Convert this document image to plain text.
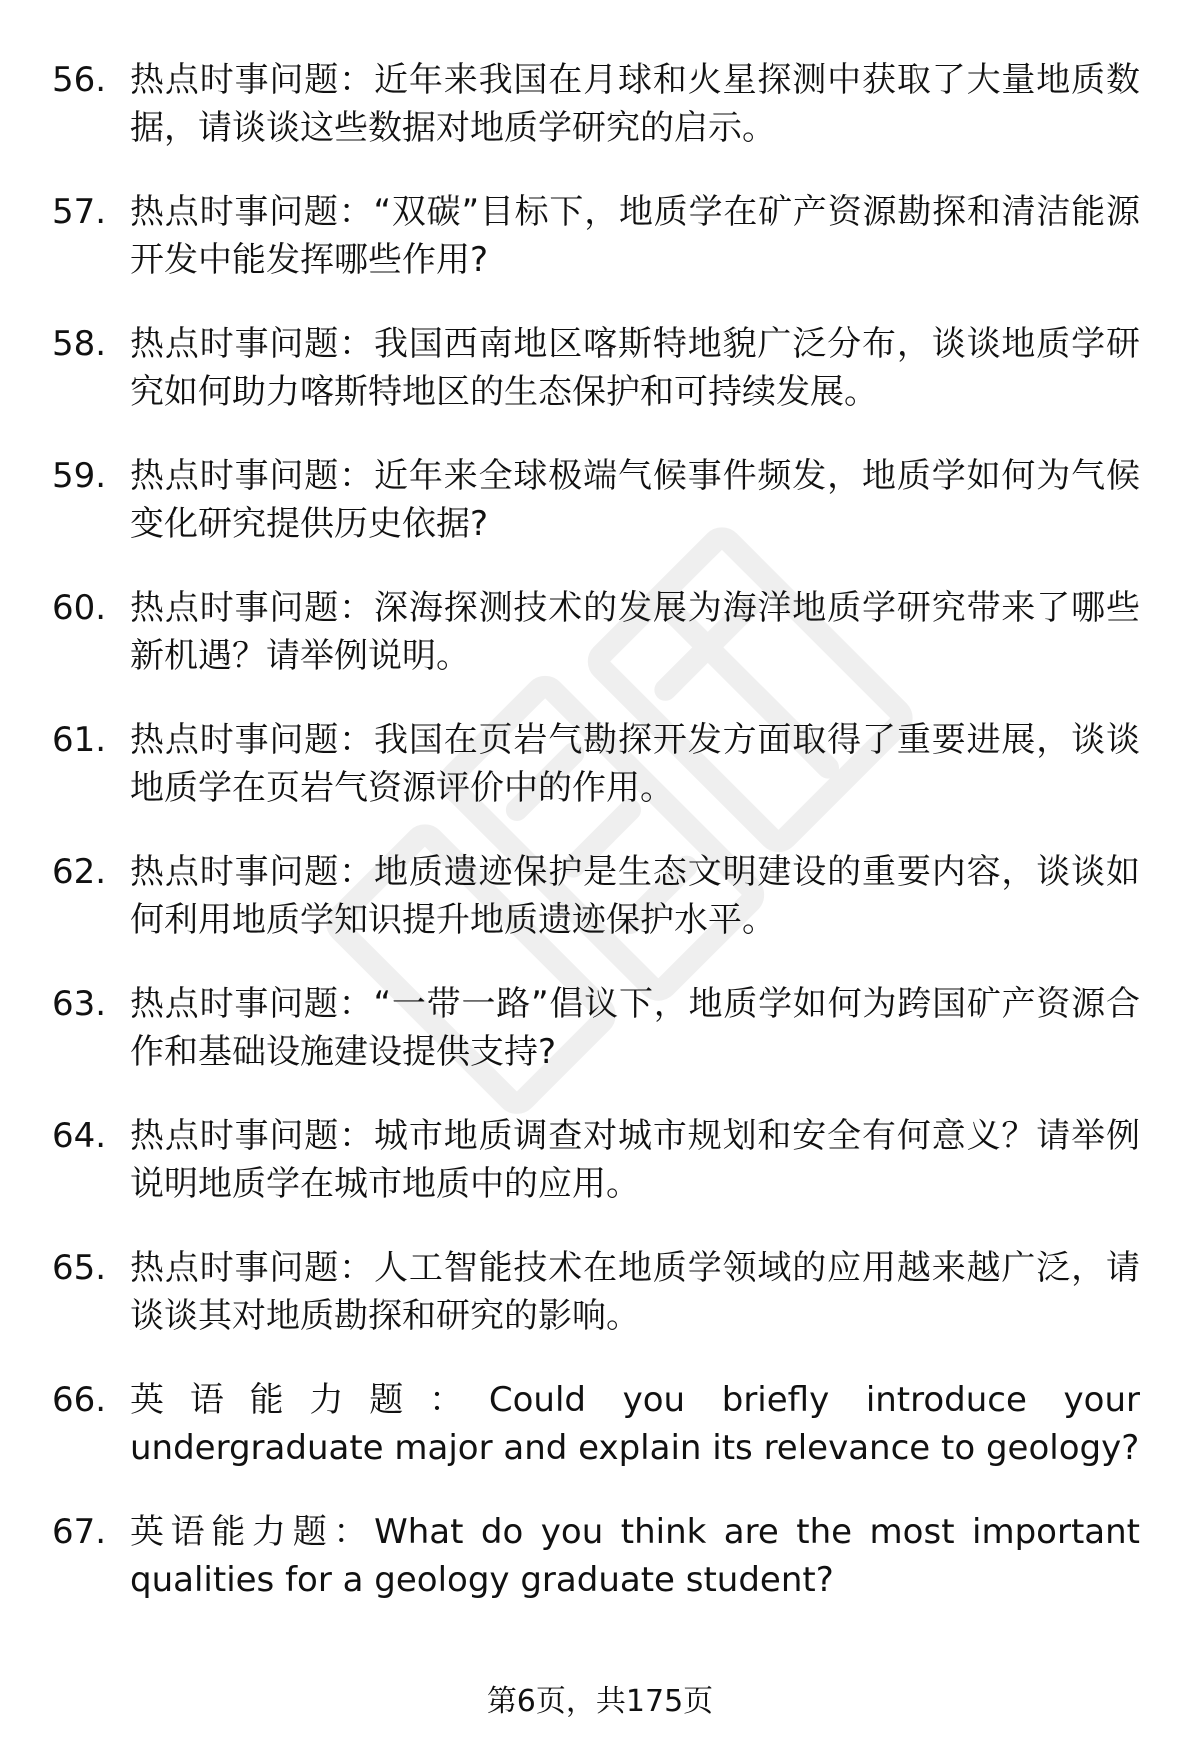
56. 热点时事问题：近年来我国在月球和火星探测中获取了大量地质数据，请谈谈这些数据对地质学研究的启示。
57. 热点时事问题：“双碳”目标下，地质学在矿产资源勘探和清洁能源开发中能发挥哪些作用?
58. 热点时事问题：我国西南地区喀斯特地貌广泛分布，谈谈地质学研究如何助力喀斯特地区的生态保护和可持续发展。
59. 热点时事问题：近年来全球极端气候事件频发，地质学如何为气候变化研究提供历史依据?
60. 热点时事问题：深海探测技术的发展为海洋地质学研究带来了哪些新机遇？请举例说明。
61. 热点时事问题：我国在页岩气勘探开发方面取得了重要进展，谈谈地质学在页岩气资源评价中的作用。
62. 热点时事问题：地质遗迹保护是生态文明建设的重要内容，谈谈如何利用地质学知识提升地质遗迹保护水平。
63. 热点时事问题：“一带一路”倡议下，地质学如何为跨国矿产资源合作和基础设施建设提供支持?
64. 热点时事问题：城市地质调查对城市规划和安全有何意义？请举例说明地质学在城市地质中的应用。
65. 热点时事问题：人工智能技术在地质学领域的应用越来越广泛，请谈谈其对地质勘探和研究的影响。
66. 英语能力题：Could you briefly introduce your undergraduate major and explain its relevance to geology?
67. 英语能力题：What do you think are the most important qualities for a geology graduate student?
第6页，共175页
